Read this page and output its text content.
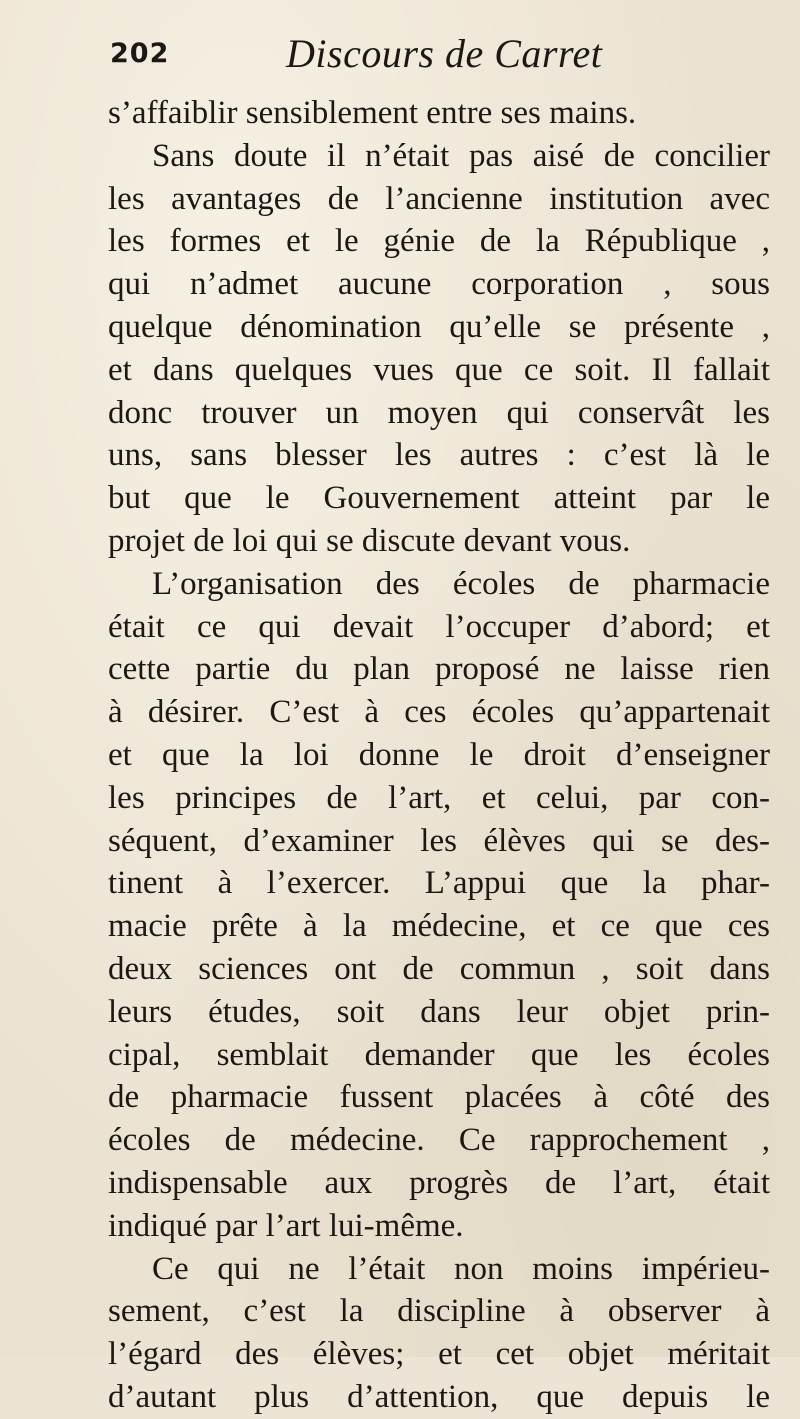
202	Discours de Carret
s’affaiblir sensiblement entre ses mains.
Sans doute il n’était pas aisé de concilier
les avantages de l’ancienne institution avec
les formes et le génie de la République ,
qui n’admet aucune corporation , sous
quelque dénomination qu’elle se présente ,
et dans quelques vues que ce soit. Il fallait
donc trouver un moyen qui conservât les
uns, sans blesser les autres : c’est là le
but que le Gouvernement atteint par le
projet de loi qui se discute devant vous.
L’organisation des écoles de pharmacie
était ce qui devait l’occuper d’abord; et
cette partie du plan proposé ne laisse rien
à désirer. C’est à ces écoles qu’appartenait
et que la loi donne le droit d’enseigner
les principes de l’art, et celui, par con-
séquent, d’examiner les élèves qui se des-
tinent à l’exercer. L’appui que la phar-
macie prête à la médecine, et ce que ces
deux sciences ont de commun , soit dans
leurs études, soit dans leur objet prin-
cipal, semblait demander que les écoles
de pharmacie fussent placées à côté des
écoles de médecine. Ce rapprochement ,
indispensable aux progrès de l’art, était
indiqué par l’art lui-même.
Ce qui ne l’était non moins impérieu-
sement, c’est la discipline à observer à
l’égard des élèves; et cet objet méritait
d’autant plus d’attention, que depuis le
